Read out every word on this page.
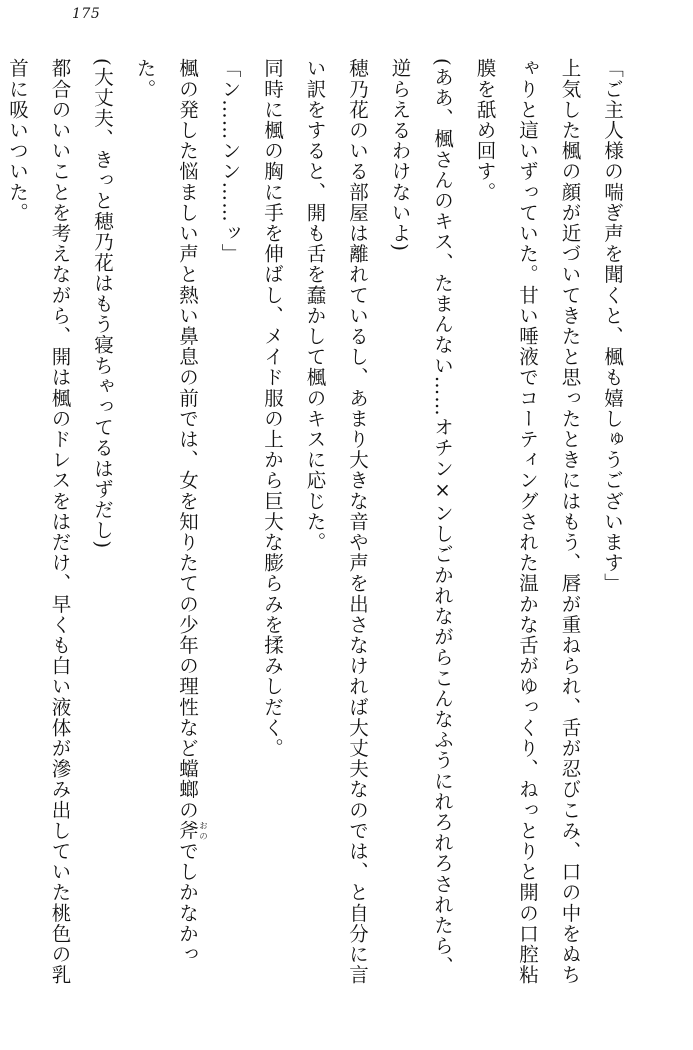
175

「ご主人様の喘ぎ声を聞くと、楓も嬉しゅうございます」

上気した楓の顔が近づいてきたと思ったときにはもう、唇が重ねられ、舌が忍びこみ、口の中をぬちゃりと這いずっていた。甘い唾液でコーティングされた温かな舌がゆっくり、ねっとりと開の口腔粘膜を舐め回す。

(ああ、楓さんのキス、たまんない……オチン×ンしごかれながらこんなふうにれろれろされたら、逆らえるわけないよ)

穂乃花のいる部屋は離れているし、あまり大きな音や声を出さなければ大丈夫なのでは、と自分に言い訳をすると、開も舌を蠢かして楓のキスに応じた。

同時に楓の胸に手を伸ばし、メイド服の上から巨大な膨らみを揉みしだく。

「ン……ンン……ッ」

楓の発した悩ましい声と熱い鼻息の前では、女を知りたての少年の理性など蟷螂の斧おのでしかなかった。

(大丈夫、きっと穂乃花はもう寝ちゃってるはずだし)

都合のいいことを考えながら、開は楓のドレスをはだけ、早くも白い液体が滲み出していた桃色の乳首に吸いついた。
